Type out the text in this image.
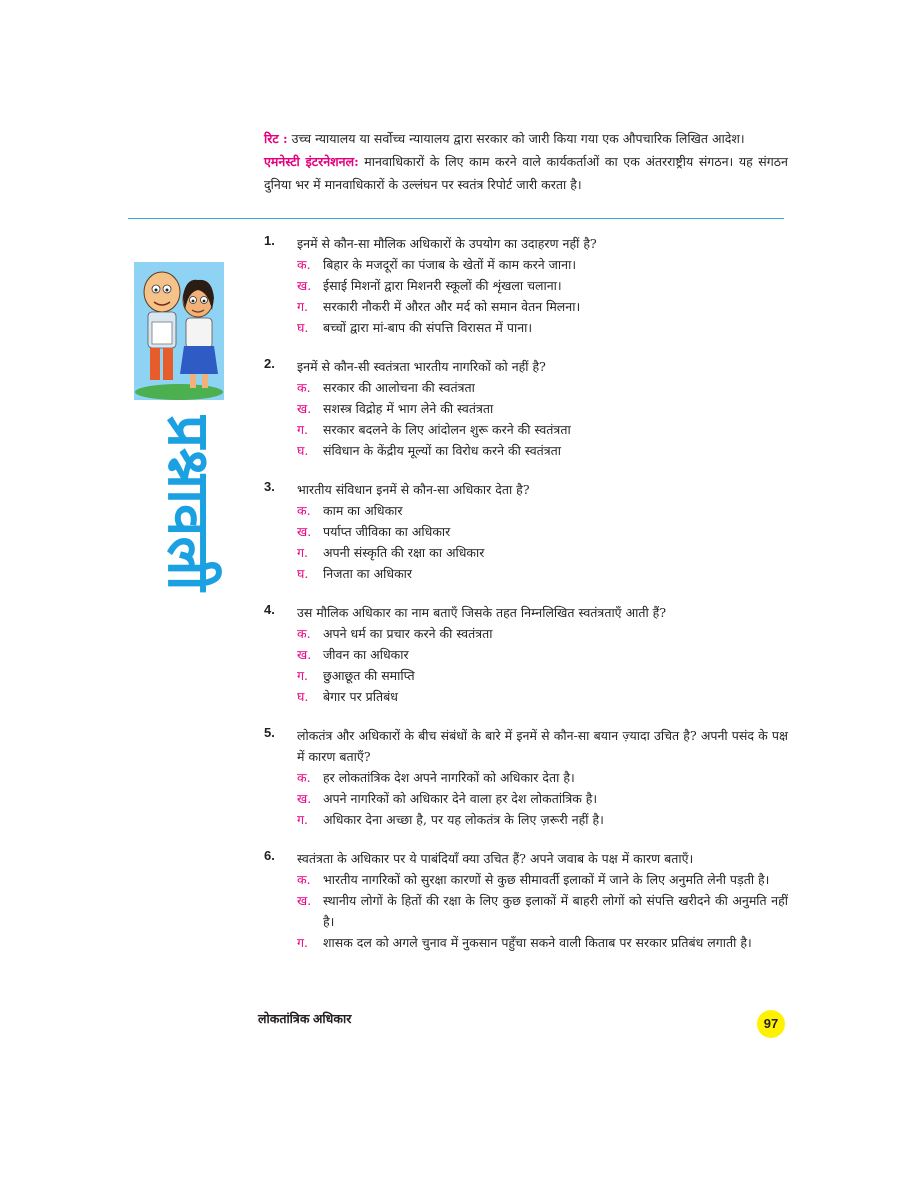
रिट : उच्च न्यायालय या सर्वोच्च न्यायालय द्वारा सरकार को जारी किया गया एक औपचारिक लिखित आदेश।
एमनेस्टी इंटरनेशनल: मानवाधिकारों के लिए काम करने वाले कार्यकर्ताओं का एक अंतरराष्ट्रीय संगठन। यह संगठन दुनिया भर में मानवाधिकारों के उल्लंघन पर स्वतंत्र रिपोर्ट जारी करता है।
प्रश्नावली
1. इनमें से कौन-सा मौलिक अधिकारों के उपयोग का उदाहरण नहीं है?
क. बिहार के मजदूरों का पंजाब के खेतों में काम करने जाना।
ख. ईसाई मिशनों द्वारा मिशनरी स्कूलों की शृंखला चलाना।
ग. सरकारी नौकरी में औरत और मर्द को समान वेतन मिलना।
घ. बच्चों द्वारा मां-बाप की संपत्ति विरासत में पाना।
2. इनमें से कौन-सी स्वतंत्रता भारतीय नागरिकों को नहीं है?
क. सरकार की आलोचना की स्वतंत्रता
ख. सशस्त्र विद्रोह में भाग लेने की स्वतंत्रता
ग. सरकार बदलने के लिए आंदोलन शुरू करने की स्वतंत्रता
घ. संविधान के केंद्रीय मूल्यों का विरोध करने की स्वतंत्रता
3. भारतीय संविधान इनमें से कौन-सा अधिकार देता है?
क. काम का अधिकार
ख. पर्याप्त जीविका का अधिकार
ग. अपनी संस्कृति की रक्षा का अधिकार
घ. निजता का अधिकार
4. उस मौलिक अधिकार का नाम बताएँ जिसके तहत निम्नलिखित स्वतंत्रताएँ आती हैं?
क. अपने धर्म का प्रचार करने की स्वतंत्रता
ख. जीवन का अधिकार
ग. छुआछूत की समाप्ति
घ. बेगार पर प्रतिबंध
5. लोकतंत्र और अधिकारों के बीच संबंधों के बारे में इनमें से कौन-सा बयान ज़्यादा उचित है? अपनी पसंद के पक्ष में कारण बताएँ?
क. हर लोकतांत्रिक देश अपने नागरिकों को अधिकार देता है।
ख. अपने नागरिकों को अधिकार देने वाला हर देश लोकतांत्रिक है।
ग. अधिकार देना अच्छा है, पर यह लोकतंत्र के लिए ज़रूरी नहीं है।
6. स्वतंत्रता के अधिकार पर ये पाबंदियाँ क्या उचित हैं? अपने जवाब के पक्ष में कारण बताएँ।
क. भारतीय नागरिकों को सुरक्षा कारणों से कुछ सीमावर्ती इलाकों में जाने के लिए अनुमति लेनी पड़ती है।
ख. स्थानीय लोगों के हितों की रक्षा के लिए कुछ इलाकों में बाहरी लोगों को संपत्ति खरीदने की अनुमति नहीं है।
ग. शासक दल को अगले चुनाव में नुकसान पहुँचा सकने वाली किताब पर सरकार प्रतिबंध लगाती है।
लोकतांत्रिक अधिकार	97
